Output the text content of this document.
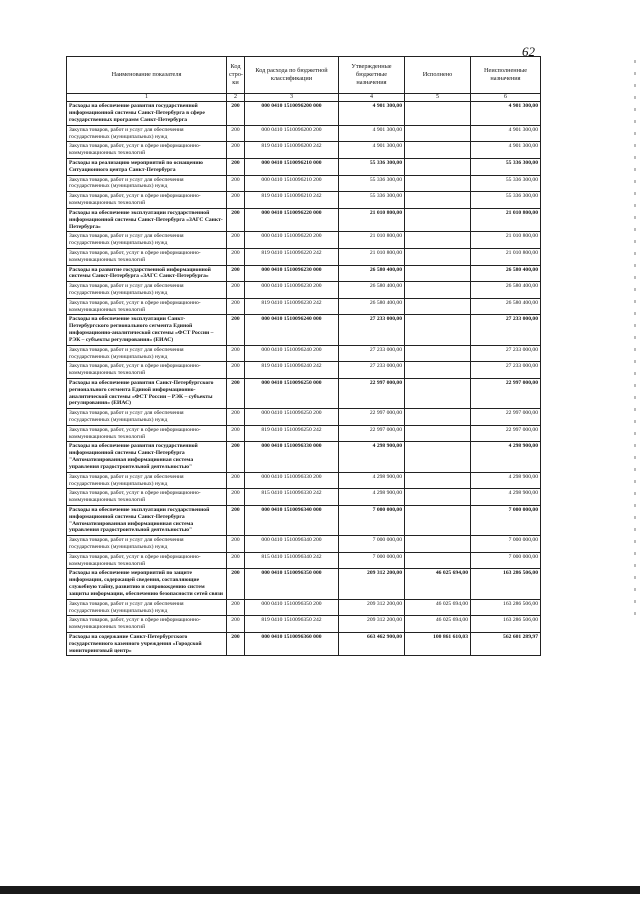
62
Наименование показателя	Код стро-ки	Код расхода по бюджетной классификации	Утвержденные бюджетные назначения	Исполнено	Неисполненные назначения
1	2	3	4	5	6
Расходы на обеспечение развития государственной информационной системы Санкт-Петербурга в сфере государственных программ Санкт-Петербурга	200	000 0410 1510096200 000	4 901 300,00		4 901 300,00
Закупка товаров, работ и услуг для обеспечения государственных (муниципальных) нужд	200	000 0410 1510096200 200	4 901 300,00		4 901 300,00
Закупка товаров, работ, услуг в сфере информационно-коммуникационных технологий	200	819 0410 1510096200 242	4 901 300,00		4 901 300,00
Расходы на реализацию мероприятий по оснащению Ситуационного центра Санкт-Петербурга	200	000 0410 1510096210 000	55 336 300,00		55 336 300,00
Закупка товаров, работ и услуг для обеспечения государственных (муниципальных) нужд	200	000 0410 1510096210 200	55 336 300,00		55 336 300,00
Закупка товаров, работ, услуг в сфере информационно-коммуникационных технологий	200	819 0410 1510096210 242	55 336 300,00		55 336 300,00
Расходы на обеспечение эксплуатации государственной информационной системы Санкт-Петербурга «ЗАГС Санкт-Петербурга»	200	000 0410 1510096220 000	21 010 800,00		21 010 800,00
Закупка товаров, работ и услуг для обеспечения государственных (муниципальных) нужд	200	000 0410 1510096220 200	21 010 800,00		21 010 800,00
Закупка товаров, работ, услуг в сфере информационно-коммуникационных технологий	200	819 0410 1510096220 242	21 010 800,00		21 010 800,00
Расходы на развитие государственной информационной системы Санкт-Петербурга «ЗАГС Санкт-Петербурга»	200	000 0410 1510096230 000	26 580 400,00		26 580 400,00
Закупка товаров, работ и услуг для обеспечения государственных (муниципальных) нужд	200	000 0410 1510096230 200	26 580 400,00		26 580 400,00
Закупка товаров, работ, услуг в сфере информационно-коммуникационных технологий	200	819 0410 1510096230 242	26 580 400,00		26 580 400,00
Расходы на обеспечение эксплуатации Санкт-Петербургского регионального сегмента Единой информационно-аналитической системы «ФСТ России – РЭК – субъекты регулирования» (ЕИАС)	200	000 0410 1510096240 000	27 233 000,00		27 233 000,00
Закупка товаров, работ и услуг для обеспечения государственных (муниципальных) нужд	200	000 0410 1510096240 200	27 233 000,00		27 233 000,00
Закупка товаров, работ, услуг в сфере информационно-коммуникационных технологий	200	819 0410 1510096240 242	27 233 000,00		27 233 000,00
Расходы на обеспечение развития Санкт-Петербургского регионального сегмента Единой информационно-аналитической системы «ФСТ России – РЭК – субъекты регулирования» (ЕИАС)	200	000 0410 1510096250 000	22 997 000,00		22 997 000,00
Закупка товаров, работ и услуг для обеспечения государственных (муниципальных) нужд	200	000 0410 1510096250 200	22 997 000,00		22 997 000,00
Закупка товаров, работ, услуг в сфере информационно-коммуникационных технологий	200	819 0410 1510096250 242	22 997 000,00		22 997 000,00
Расходы на обеспечение развития государственной информационной системы Санкт-Петербурга "Автоматизированная информационная система управления градостроительной деятельностью"	200	000 0410 1510096330 000	4 298 900,00		4 298 900,00
Закупка товаров, работ и услуг для обеспечения государственных (муниципальных) нужд	200	000 0410 1510096330 200	4 298 900,00		4 298 900,00
Закупка товаров, работ, услуг в сфере информационно-коммуникационных технологий	200	815 0410 1510096330 242	4 298 900,00		4 298 900,00
Расходы на обеспечение эксплуатации государственной информационной системы Санкт-Петербурга "Автоматизированная информационная система управления градостроительной деятельностью"	200	000 0410 1510096340 000	7 000 000,00		7 000 000,00
Закупка товаров, работ и услуг для обеспечения государственных (муниципальных) нужд	200	000 0410 1510096340 200	7 000 000,00		7 000 000,00
Закупка товаров, работ, услуг в сфере информационно-коммуникационных технологий	200	815 0410 1510096340 242	7 000 000,00		7 000 000,00
Расходы на обеспечение мероприятий по защите информации, содержащей сведения, составляющие служебную тайну, развитию и сопровождению систем защиты информации, обеспечению безопасности сетей связи	200	000 0410 1510096350 000	209 312 200,00	46 025 694,00	163 286 506,00
Закупка товаров, работ и услуг для обеспечения государственных (муниципальных) нужд	200	000 0410 1510096350 200	209 312 200,00	46 025 694,00	163 286 506,00
Закупка товаров, работ, услуг в сфере информационно-коммуникационных технологий	200	819 0410 1510096350 242	209 312 200,00	46 025 694,00	163 286 506,00
Расходы на содержание Санкт-Петербургского государственного казенного учреждения «Городской мониторинговый центр»	200	000 0410 1510096360 000	663 462 900,00	100 861 610,03	562 601 289,97
